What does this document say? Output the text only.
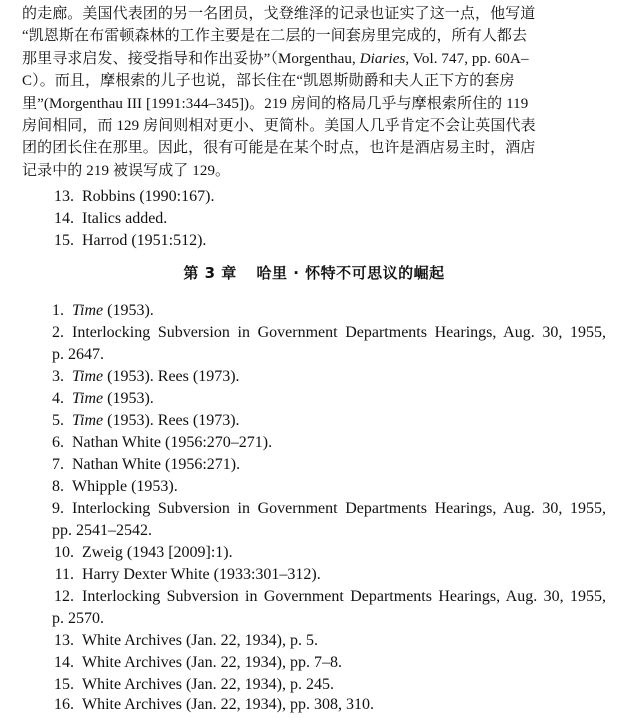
的走廊。美国代表团的另一名团员，戈登维泽的记录也证实了这一点，他写道
“凯恩斯在布雷顿森林的工作主要是在二层的一间套房里完成的，所有人都去
那里寻求启发、接受指导和作出妥协”（Morgenthau, Diaries, Vol. 747, pp. 60A–
C）。而且，摩根索的儿子也说，部长住在“凯恩斯勋爵和夫人正下方的套房
里”(Morgenthau III [1991:344–345])。219 房间的格局几乎与摩根索所住的 119
房间相同，而 129 房间则相对更小、更简朴。美国人几乎肯定不会让英国代表
团的团长住在那里。因此，很有可能是在某个时点，也许是酒店易主时，酒店
记录中的 219 被误写成了 129。
13. Robbins (1990:167).
14. Italics added.
15. Harrod (1951:512).
第 3 章 哈里 · 怀特不可思议的崛起
1. Time (1953).
2. Interlocking Subversion in Government Departments Hearings, Aug. 30, 1955,
p. 2647.
3. Time (1953). Rees (1973).
4. Time (1953).
5. Time (1953). Rees (1973).
6. Nathan White (1956:270–271).
7. Nathan White (1956:271).
8. Whipple (1953).
9. Interlocking Subversion in Government Departments Hearings, Aug. 30, 1955,
pp. 2541–2542.
10. Zweig (1943 [2009]:1).
11. Harry Dexter White (1933:301–312).
12. Interlocking Subversion in Government Departments Hearings, Aug. 30, 1955,
p. 2570.
13. White Archives (Jan. 22, 1934), p. 5.
14. White Archives (Jan. 22, 1934), pp. 7–8.
15. White Archives (Jan. 22, 1934), p. 245.
16. White Archives (Jan. 22, 1934), pp. 308, 310.
